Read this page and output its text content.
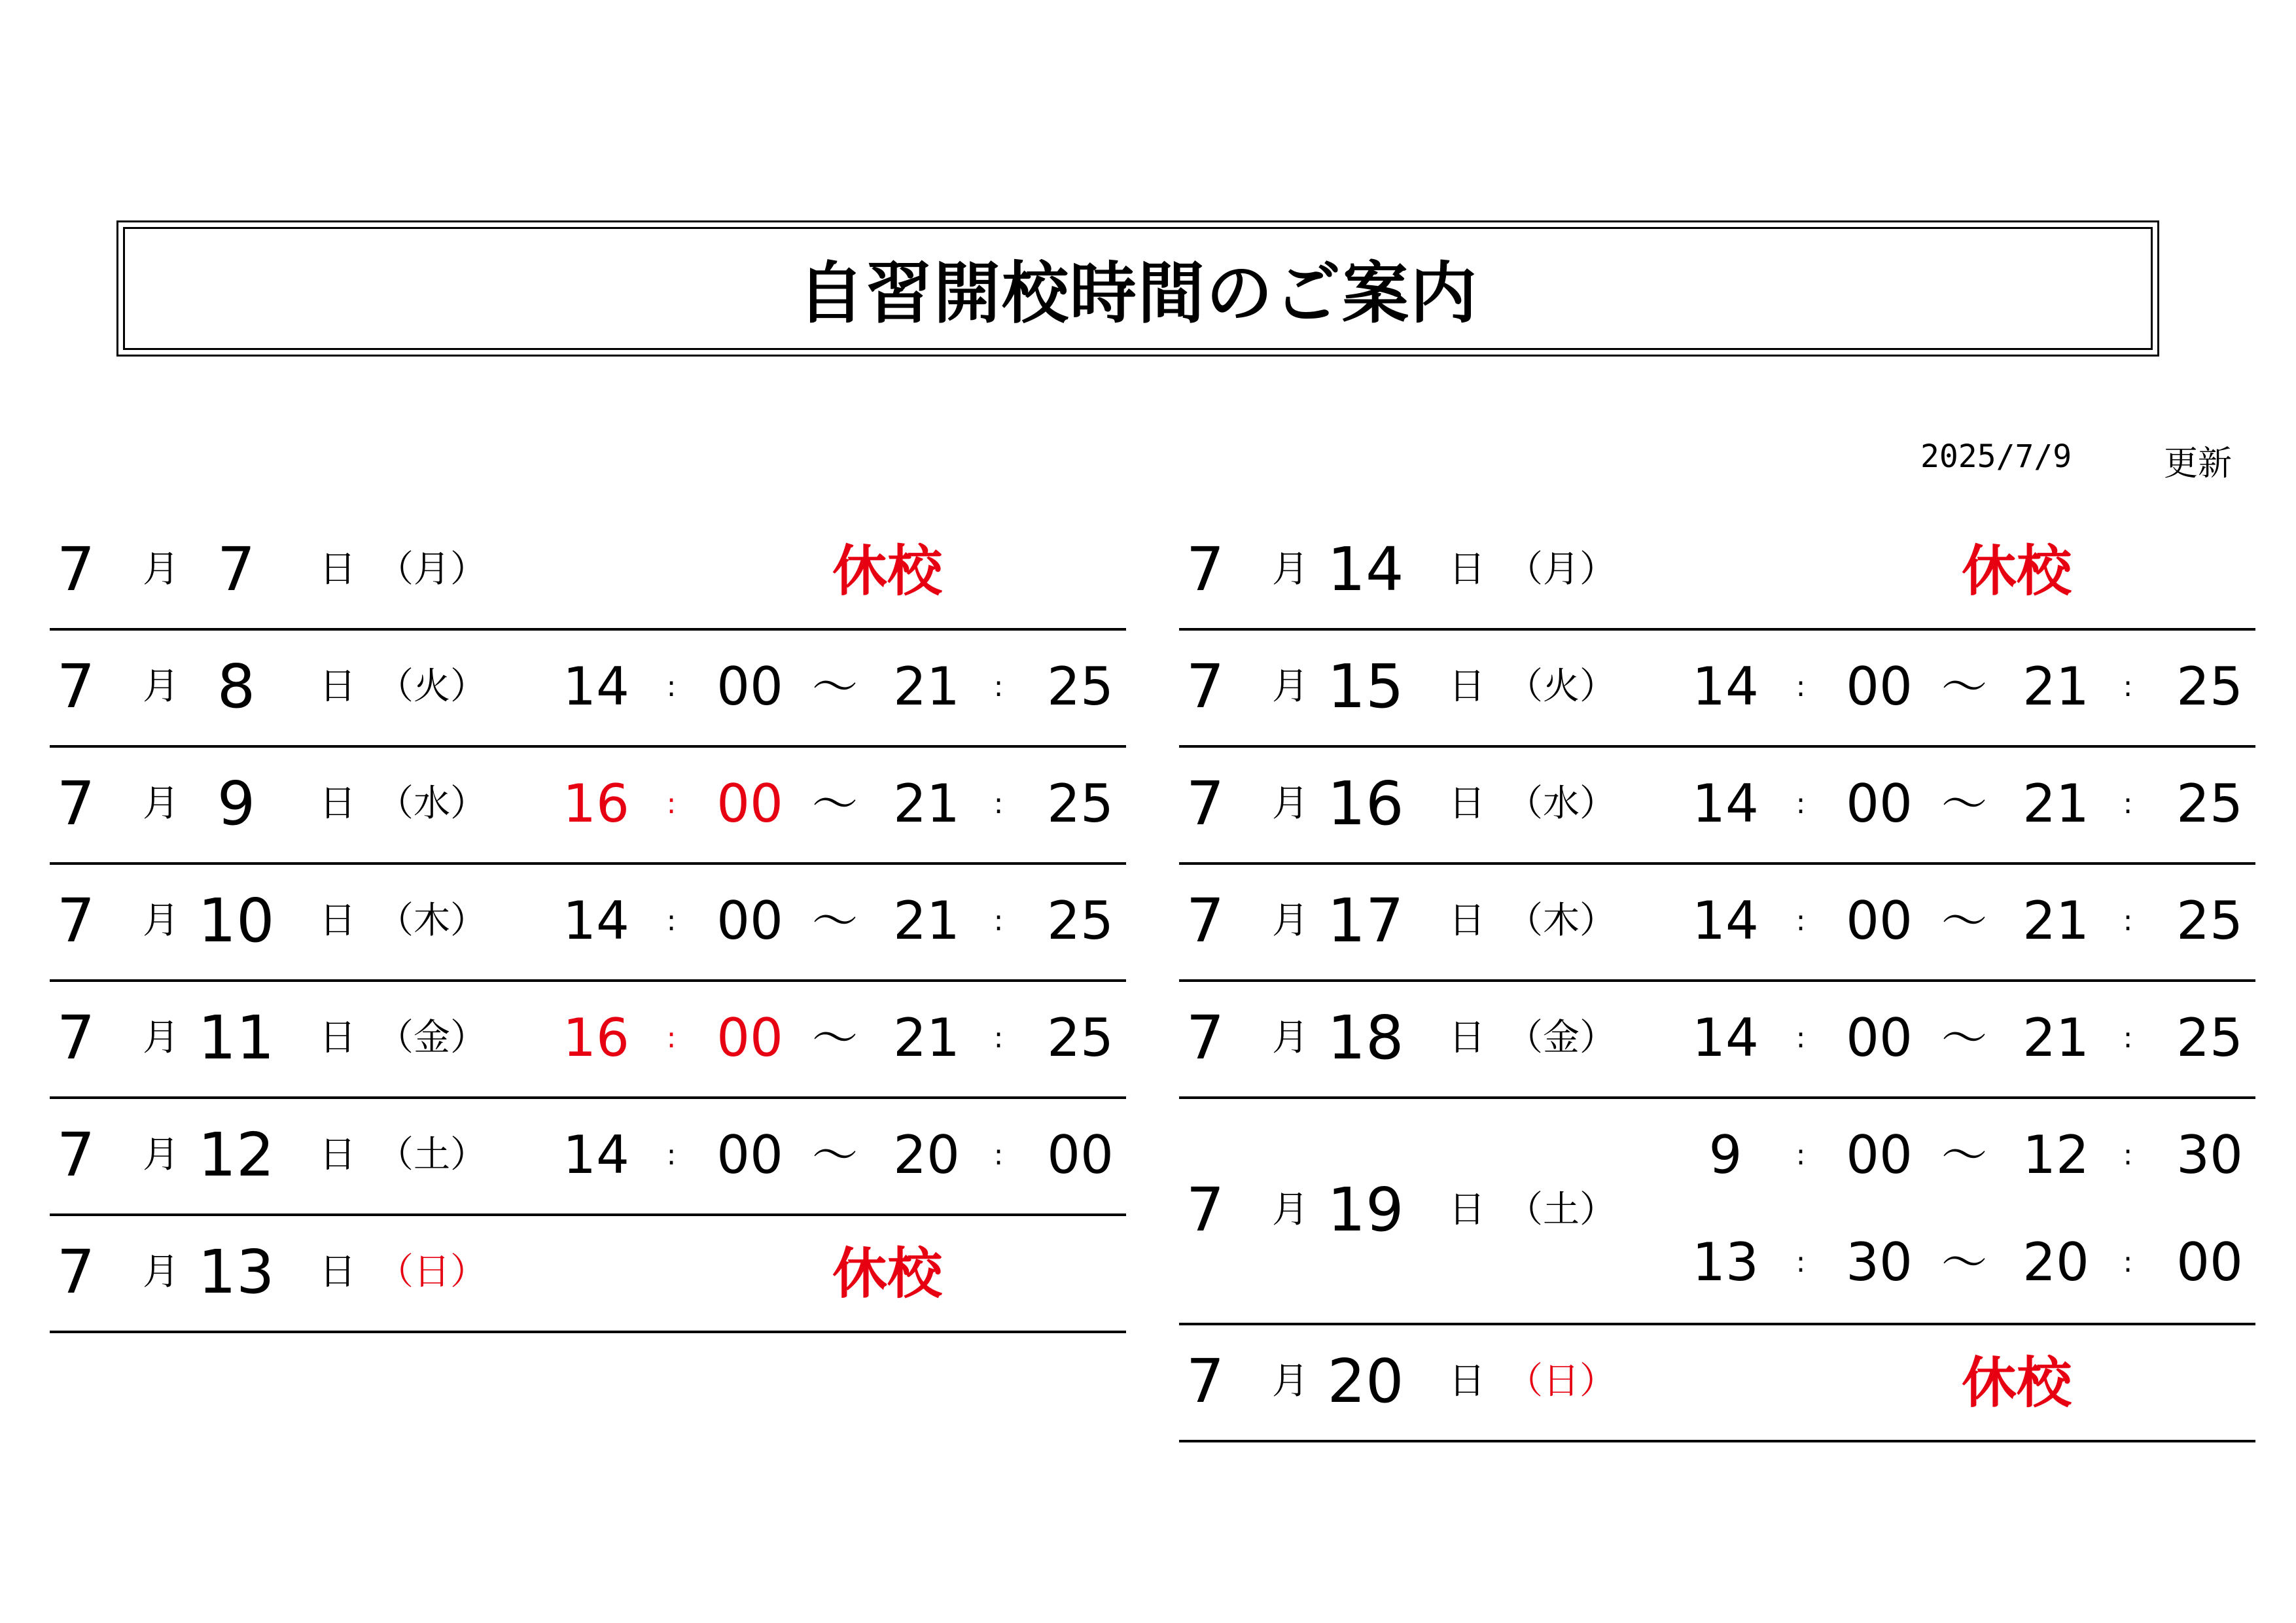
自習開校時間のご案内
2025/7/9	更新
7 月 7	日 （月）	休校
7 月 8	日 （火） 14	: 00 ～ 21	: 25
7 月 9	日 （水） 16	: 00 ～ 21	: 25
7 月 10 日 （木） 14	: 00 ～ 21	: 25
7 月 11 日 （金） 16	: 00 ～ 21	: 25
7 月 12 日 （土） 14	: 00 ～ 20	: 00
7 月 13 日 （日）	休校
7 月 14 日 （月）	休校
7 月 15 日 （火） 14	: 00 ～ 21	: 25
7 月 16 日 （水） 14	: 00 ～ 21	: 25
7 月 17 日 （木） 14	: 00 ～ 21	: 25
7 月 18 日 （金） 14	: 00 ～ 21	: 25
7 月 19 日 （土）
9	: 00 ～ 12	: 30
13	: 30 ～ 20	: 00
7 月 20 日 （日）	休校
